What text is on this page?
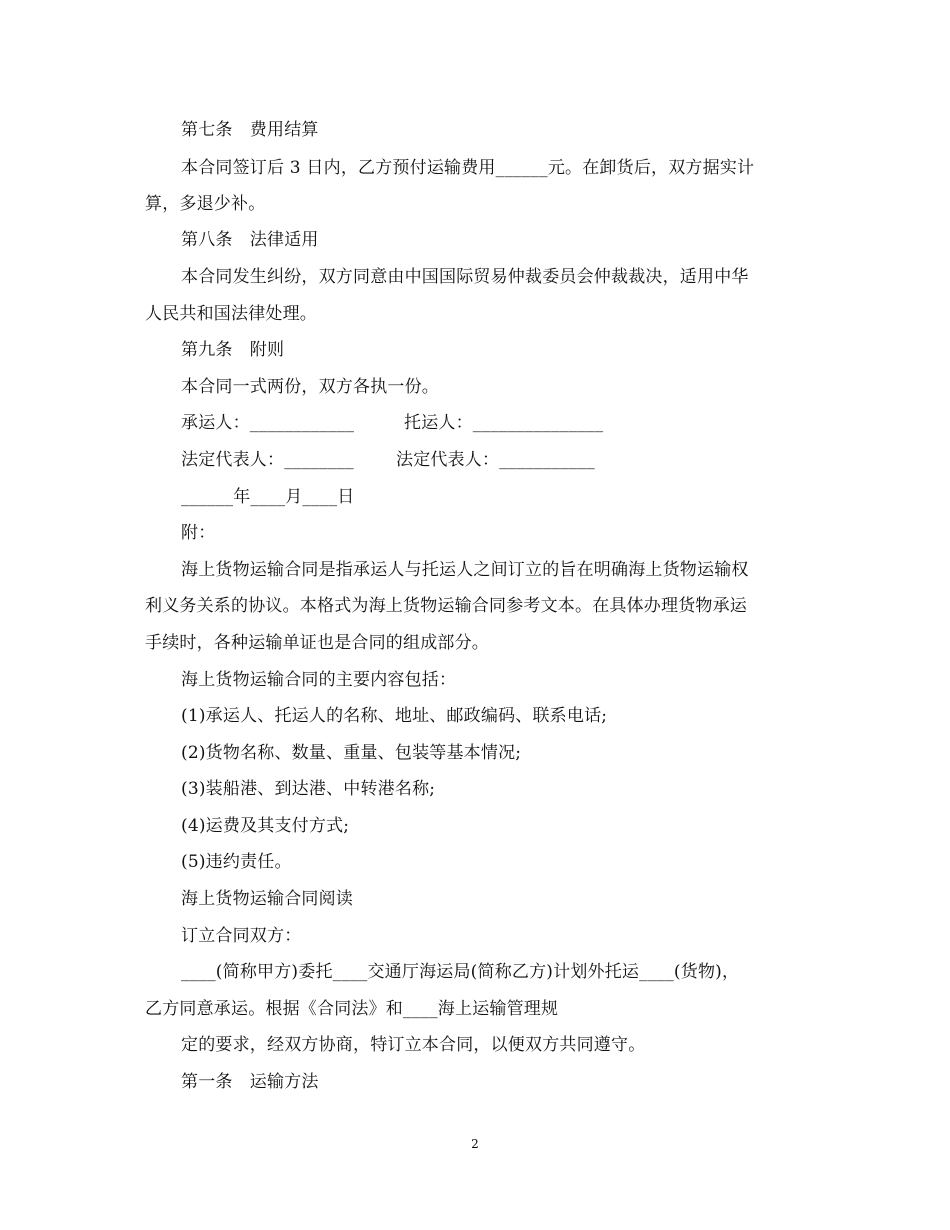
第七条　费用结算
本合同签订后 3 日内，乙方预付运输费用______元。在卸货后，双方据实计
算，多退少补。
第八条　法律适用
本合同发生纠纷，双方同意由中国国际贸易仲裁委员会仲裁裁决，适用中华
人民共和国法律处理。
第九条　附则
本合同一式两份，双方各执一份。
承运人：____________	托运人：_______________
法定代表人：________ 法定代表人：___________
______年____月____日
附：
海上货物运输合同是指承运人与托运人之间订立的旨在明确海上货物运输权
利义务关系的协议。本格式为海上货物运输合同参考文本。在具体办理货物承运
手续时，各种运输单证也是合同的组成部分。
海上货物运输合同的主要内容包括：
(1)承运人、托运人的名称、地址、邮政编码、联系电话;
(2)货物名称、数量、重量、包装等基本情况;
(3)装船港、到达港、中转港名称;
(4)运费及其支付方式;
(5)违约责任。
海上货物运输合同阅读
订立合同双方：
____(简称甲方)委托____交通厅海运局(简称乙方)计划外托运____(货物)，
乙方同意承运。根据《合同法》和____海上运输管理规
定的要求，经双方协商，特订立本合同，以便双方共同遵守。
第一条　运输方法
2
